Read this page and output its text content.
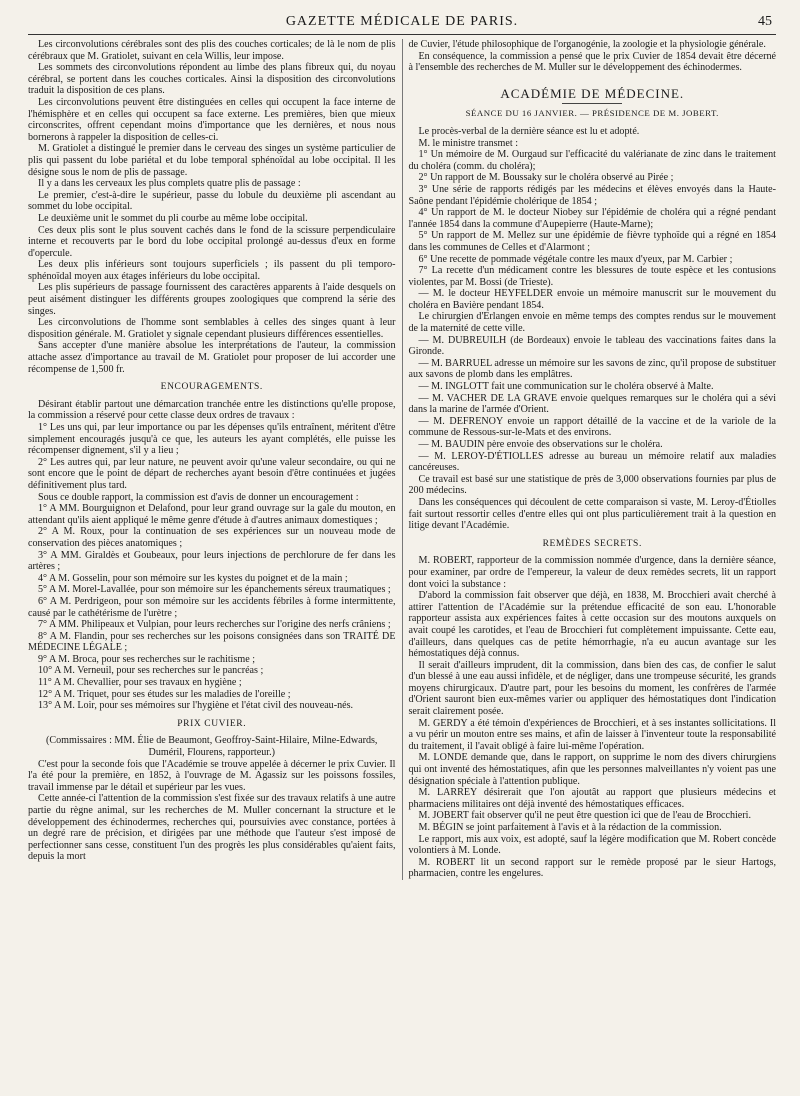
GAZETTE MÉDICALE DE PARIS.	45

Les circonvolutions cérébrales sont des plis des couches corticales; de là le nom de plis cérébraux que M. Gratiolet, suivant en cela Willis, leur impose.

Les sommets des circonvolutions répondent au limbe des plans fibreux qui, du noyau cérébral, se portent dans les couches corticales. Ainsi la disposition des circonvolutions traduit la disposition de ces plans.

Les circonvolutions peuvent être distinguées en celles qui occupent la face interne de l'hémisphère et en celles qui occupent sa face externe. Les premières, bien que mieux circonscrites, offrent cependant moins d'importance que les dernières, et nous nous bornerons à rappeler la disposition de celles-ci.

M. Gratiolet a distingué le premier dans le cerveau des singes un système particulier de plis qui passent du lobe pariétal et du lobe temporal sphénoïdal au lobe occipital. Il les désigne sous le nom de plis de passage.

Il y a dans les cerveaux les plus complets quatre plis de passage :

Le premier, c'est-à-dire le supérieur, passe du lobule du deuxième pli ascendant au sommet du lobe occipital.

Le deuxième unit le sommet du pli courbe au même lobe occipital.

Ces deux plis sont le plus souvent cachés dans le fond de la scissure perpendiculaire interne et recouverts par le bord du lobe occipital prolongé au-dessus d'eux en forme d'opercule.

Les deux plis inférieurs sont toujours superficiels ; ils passent du pli temporo-sphénoïdal moyen aux étages inférieurs du lobe occipital.

Les plis supérieurs de passage fournissent des caractères apparents à l'aide desquels on peut aisément distinguer les différents groupes zoologiques que comprend la série des singes.

Les circonvolutions de l'homme sont semblables à celles des singes quant à leur disposition générale. M. Gratiolet y signale cependant plusieurs différences essentielles.

Sans accepter d'une manière absolue les interprétations de l'auteur, la commission attache assez d'importance au travail de M. Gratiolet pour proposer de lui accorder une récompense de 1,500 fr.

ENCOURAGEMENTS.

Désirant établir partout une démarcation tranchée entre les distinctions qu'elle propose, la commission a réservé pour cette classe deux ordres de travaux :

1° Les uns qui, par leur importance ou par les dépenses qu'ils entraînent, méritent d'être simplement encouragés jusqu'à ce que, les auteurs les ayant complétés, elle puisse les récompenser dignement, s'il y a lieu ;

2° Les autres qui, par leur nature, ne peuvent avoir qu'une valeur secondaire, ou qui ne sont encore que le point de départ de recherches ayant besoin d'être continuées et jugées définitivement plus tard.

Sous ce double rapport, la commission est d'avis de donner un encouragement :

1° A MM. Bourguignon et Delafond, pour leur grand ouvrage sur la gale du mouton, en attendant qu'ils aient appliqué le même genre d'étude à d'autres animaux domestiques ;

2° A M. Roux, pour la continuation de ses expériences sur un nouveau mode de conservation des pièces anatomiques ;

3° A MM. Giraldès et Goubeaux, pour leurs injections de perchlorure de fer dans les artères ;

4° A M. Gosselin, pour son mémoire sur les kystes du poignet et de la main ;

5° A M. Morel-Lavallée, pour son mémoire sur les épanchements séreux traumatiques ;

6° A M. Perdrigeon, pour son mémoire sur les accidents fébriles à forme intermittente, causé par le cathétérisme de l'urètre ;

7° A MM. Philipeaux et Vulpian, pour leurs recherches sur l'origine des nerfs crâniens ;

8° A M. Flandin, pour ses recherches sur les poisons consignées dans son TRAITÉ DE MÉDECINE LÉGALE ;

9° A M. Broca, pour ses recherches sur le rachitisme ;

10° A M. Verneuil, pour ses recherches sur le pancréas ;

11° A M. Chevallier, pour ses travaux en hygiène ;

12° A M. Triquet, pour ses études sur les maladies de l'oreille ;

13° A M. Loir, pour ses mémoires sur l'hygiène et l'état civil des nouveau-nés.

PRIX CUVIER.

(Commissaires : MM. Élie de Beaumont, Geoffroy-Saint-Hilaire, Milne-Edwards, Duméril, Flourens, rapporteur.)

C'est pour la seconde fois que l'Académie se trouve appelée à décerner le prix Cuvier. Il l'a été pour la première, en 1852, à l'ouvrage de M. Agassiz sur les poissons fossiles, travail immense par le détail et supérieur par les vues.

Cette année-ci l'attention de la commission s'est fixée sur des travaux relatifs à une autre partie du règne animal, sur les recherches de M. Muller concernant la structure et le développement des échinodermes, recherches qui, poursuivies avec constance, portées à un degré rare de précision, et dirigées par une méthode que l'auteur s'est imposé de perfectionner sans cesse, constituent l'un des progrès les plus considérables qu'aient faits, depuis la mort

de Cuvier, l'étude philosophique de l'organogénie, la zoologie et la physiologie générale.

En conséquence, la commission a pensé que le prix Cuvier de 1854 devait être décerné à l'ensemble des recherches de M. Muller sur le développement des échinodermes.

ACADÉMIE DE MÉDECINE.
SÉANCE DU 16 JANVIER. — PRÉSIDENCE DE M. JOBERT.

Le procès-verbal de la dernière séance est lu et adopté.

M. le ministre transmet :

1° Un mémoire de M. Ourgaud sur l'efficacité du valérianate de zinc dans le traitement du choléra (comm. du choléra);

2° Un rapport de M. Boussaky sur le choléra observé au Pirée ;

3° Une série de rapports rédigés par les médecins et élèves envoyés dans la Haute-Saône pendant l'épidémie cholérique de 1854 ;

4° Un rapport de M. le docteur Niobey sur l'épidémie de choléra qui a régné pendant l'année 1854 dans la commune d'Aupepierre (Haute-Marne);

5° Un rapport de M. Mellez sur une épidémie de fièvre typhoïde qui a régné en 1854 dans les communes de Celles et d'Alarmont ;

6° Une recette de pommade végétale contre les maux d'yeux, par M. Carbier ;

7° La recette d'un médicament contre les blessures de toute espèce et les contusions violentes, par M. Bossi (de Trieste).

— M. le docteur HEYFELDER envoie un mémoire manuscrit sur le mouvement du choléra en Bavière pendant 1854.

Le chirurgien d'Erlangen envoie en même temps des comptes rendus sur le mouvement de la maternité de cette ville.

— M. DUBREUILH (de Bordeaux) envoie le tableau des vaccinations faites dans la Gironde.

— M. BARRUEL adresse un mémoire sur les savons de zinc, qu'il propose de substituer aux savons de plomb dans les emplâtres.

— M. INGLOTT fait une communication sur le choléra observé à Malte.

— M. VACHER DE LA GRAVE envoie quelques remarques sur le choléra qui a sévi dans la marine de l'armée d'Orient.

— M. DEFRENOY envoie un rapport détaillé de la vaccine et de la variole de la commune de Ressous-sur-le-Mats et des environs.

— M. BAUDIN père envoie des observations sur le choléra.

— M. LEROY-D'ÉTIOLLES adresse au bureau un mémoire relatif aux maladies cancéreuses.

Ce travail est basé sur une statistique de près de 3,000 observations fournies par plus de 200 médecins.

Dans les conséquences qui découlent de cette comparaison si vaste, M. Leroy-d'Étiolles fait surtout ressortir celles d'entre elles qui ont plus particulièrement trait à la question en litige devant l'Académie.

REMÈDES SECRETS.

M. ROBERT, rapporteur de la commission nommée d'urgence, dans la dernière séance, pour examiner, par ordre de l'empereur, la valeur de deux remèdes secrets, lit un rapport dont voici la substance :

D'abord la commission fait observer que déjà, en 1838, M. Brocchieri avait cherché à attirer l'attention de l'Académie sur la prétendue efficacité de son eau. L'honorable rapporteur assista aux expériences faites à cette occasion sur des moutons auxquels on avait coupé les carotides, et l'eau de Brocchieri fut complètement impuissante. Cette eau, d'ailleurs, dans quelques cas de petite hémorrhagie, n'a eu aucun avantage sur les hémostatiques déjà connus.

Il serait d'ailleurs imprudent, dit la commission, dans bien des cas, de confier le salut d'un blessé à une eau aussi infidèle, et de négliger, dans une trompeuse sécurité, les grands moyens chirurgicaux. D'autre part, pour les besoins du moment, les confrères de l'armée d'Orient sauront bien eux-mêmes varier ou appliquer des hémostatiques dont l'indication serait clairement posée.

M. GERDY a été témoin d'expériences de Brocchieri, et à ses instantes sollicitations. Il a vu périr un mouton entre ses mains, et afin de laisser à l'inventeur toute la responsabilité du traitement, il l'avait obligé à faire lui-même l'opération.

M. LONDE demande que, dans le rapport, on supprime le nom des divers chirurgiens qui ont inventé des hémostatiques, afin que les personnes malveillantes n'y voient pas une désignation spéciale à l'attention publique.

M. LARREY désirerait que l'on ajoutât au rapport que plusieurs médecins et pharmaciens militaires ont déjà inventé des hémostatiques efficaces.

M. JOBERT fait observer qu'il ne peut être question ici que de l'eau de Brocchieri.

M. BÉGIN se joint parfaitement à l'avis et à la rédaction de la commission.

Le rapport, mis aux voix, est adopté, sauf la légère modification que M. Robert concède volontiers à M. Londe.

M. ROBERT lit un second rapport sur le remède proposé par le sieur Hartogs, pharmacien, contre les engelures.
